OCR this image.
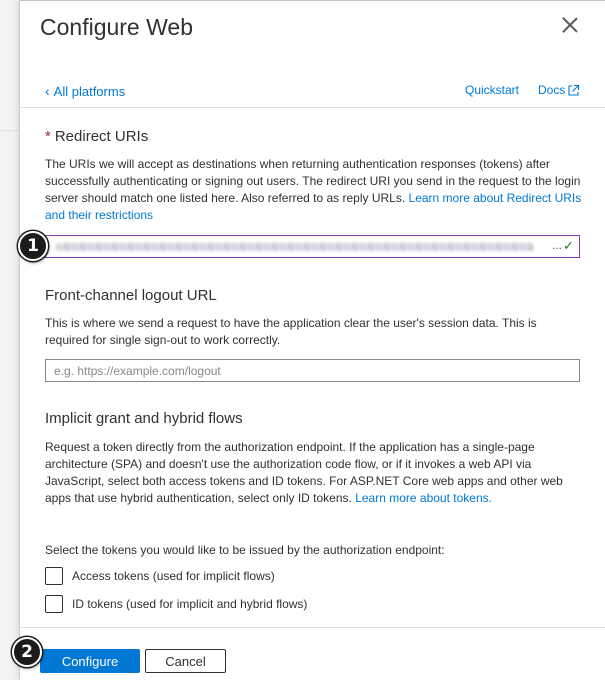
Configure Web
‹ All platforms	Quickstart Docs
* Redirect URIs

The URIs we will accept as destinations when returning authentication responses (tokens) after successfully authenticating or signing out users. The redirect URI you send in the request to the login server should match one listed here. Also referred to as reply URLs. Learn more about Redirect URIs and their restrictions

... ✓
Front-channel logout URL

This is where we send a request to have the application clear the user's session data. This is required for single sign-out to work correctly.

e.g. https://example.com/logout
Implicit grant and hybrid flows

Request a token directly from the authorization endpoint. If the application has a single-page architecture (SPA) and doesn't use the authorization code flow, or if it invokes a web API via JavaScript, select both access tokens and ID tokens. For ASP.NET Core web apps and other web apps that use hybrid authentication, select only ID tokens. Learn more about tokens.

Select the tokens you would like to be issued by the authorization endpoint:

Access tokens (used for implicit flows)
ID tokens (used for implicit and hybrid flows)
Configure	Cancel
1
2
